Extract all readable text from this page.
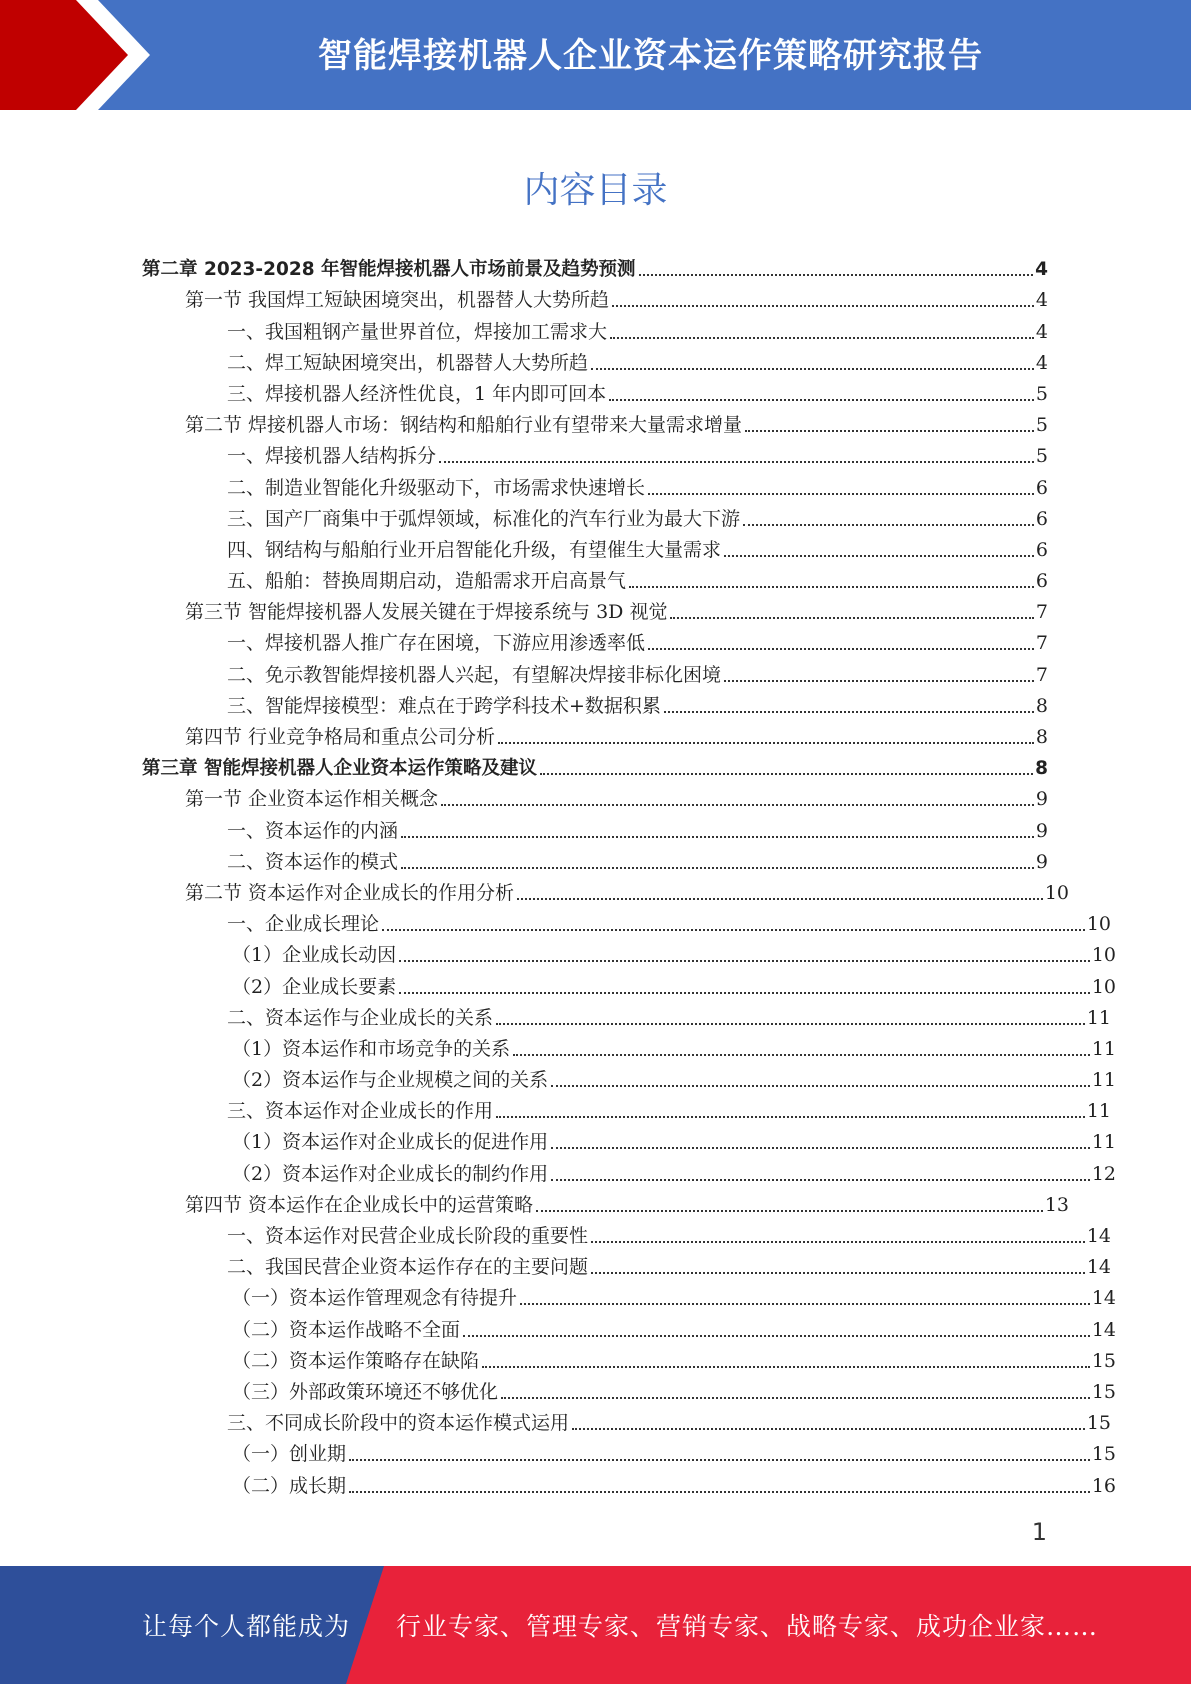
智能焊接机器人企业资本运作策略研究报告
内容目录
第二章 2023-2028 年智能焊接机器人市场前景及趋势预测	4
第一节 我国焊工短缺困境突出，机器替人大势所趋	4
一、我国粗钢产量世界首位，焊接加工需求大	4
二、焊工短缺困境突出，机器替人大势所趋	4
三、焊接机器人经济性优良，1 年内即可回本	5
第二节 焊接机器人市场：钢结构和船舶行业有望带来大量需求增量	5
一、焊接机器人结构拆分	5
二、制造业智能化升级驱动下，市场需求快速增长	6
三、国产厂商集中于弧焊领域，标准化的汽车行业为最大下游	6
四、钢结构与船舶行业开启智能化升级，有望催生大量需求	6
五、船舶：替换周期启动，造船需求开启高景气	6
第三节 智能焊接机器人发展关键在于焊接系统与 3D 视觉	7
一、焊接机器人推广存在困境，下游应用渗透率低	7
二、免示教智能焊接机器人兴起，有望解决焊接非标化困境	7
三、智能焊接模型：难点在于跨学科技术+数据积累	8
第四节 行业竞争格局和重点公司分析	8
第三章 智能焊接机器人企业资本运作策略及建议	8
第一节 企业资本运作相关概念	9
一、资本运作的内涵	9
二、资本运作的模式	9
第二节 资本运作对企业成长的作用分析	10
一、企业成长理论	10
（1）企业成长动因	10
（2）企业成长要素	10
二、资本运作与企业成长的关系	11
（1）资本运作和市场竞争的关系	11
（2）资本运作与企业规模之间的关系	11
三、资本运作对企业成长的作用	11
（1）资本运作对企业成长的促进作用	11
（2）资本运作对企业成长的制约作用	12
第四节 资本运作在企业成长中的运营策略	13
一、资本运作对民营企业成长阶段的重要性	14
二、我国民营企业资本运作存在的主要问题	14
（一）资本运作管理观念有待提升	14
（二）资本运作战略不全面	14
（二）资本运作策略存在缺陷	15
（三）外部政策环境还不够优化	15
三、不同成长阶段中的资本运作模式运用	15
（一）创业期	15
（二）成长期	16
1
让每个人都能成为 行业专家、管理专家、营销专家、战略专家、成功企业家……
